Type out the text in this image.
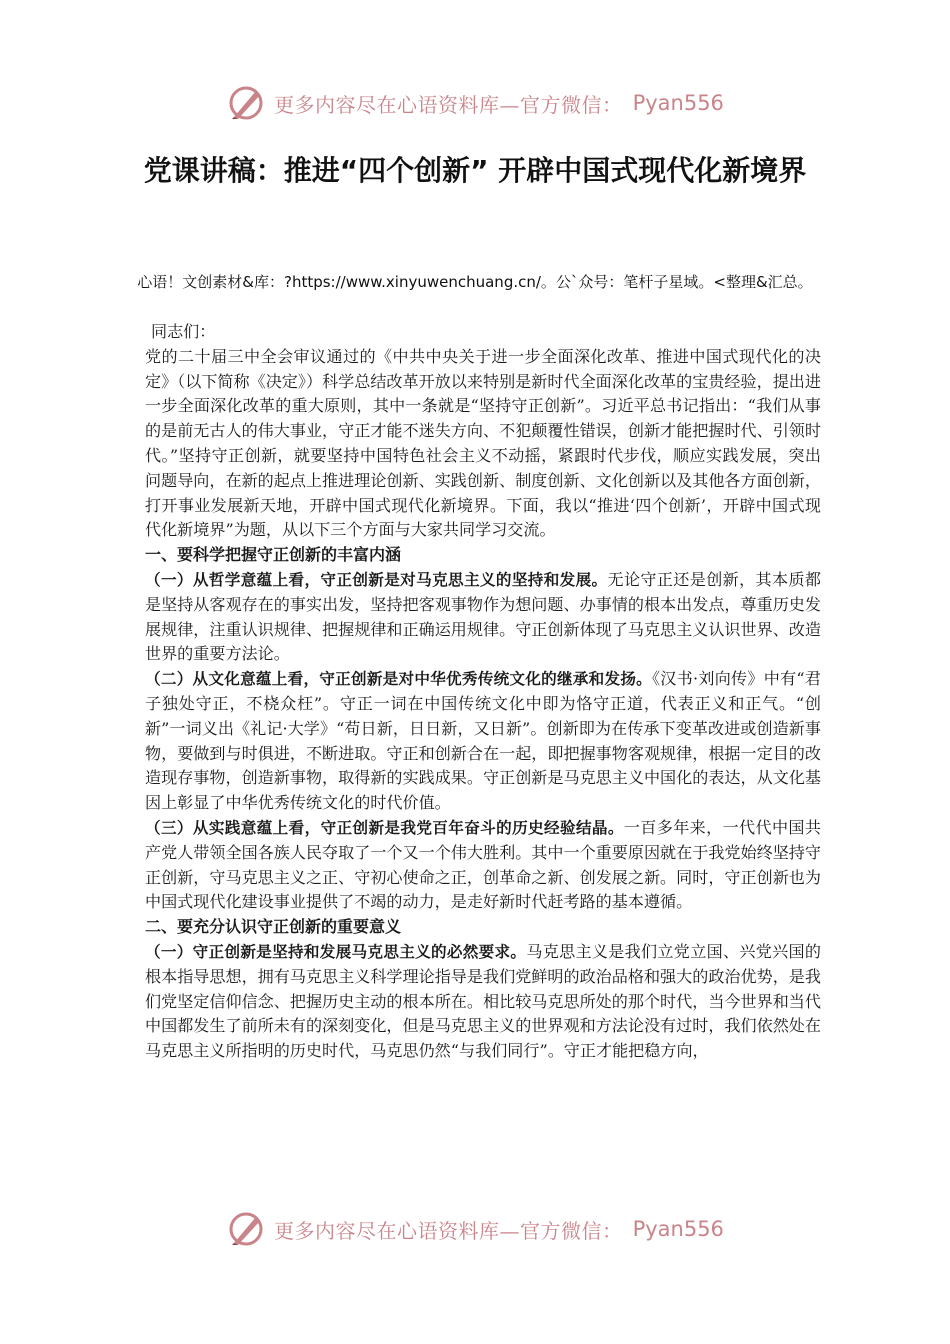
更多内容尽在心语资料库—官方微信： Pyan556
党课讲稿：推进“四个创新” 开辟中国式现代化新境界
心语！文创素材&库：?https://www.xinyuwenchuang.cn/。公`众号：笔杆子星域。<整理&汇总。

同志们：

党的二十届三中全会审议通过的《中共中央关于进一步全面深化改革、推进中国式现代化的决定》（以下简称《决定》）科学总结改革开放以来特别是新时代全面深化改革的宝贵经验，提出进一步全面深化改革的重大原则，其中一条就是“坚持守正创新”。习近平总书记指出：“我们从事的是前无古人的伟大事业，守正才能不迷失方向、不犯颠覆性错误，创新才能把握时代、引领时代。”坚持守正创新，就要坚持中国特色社会主义不动摇，紧跟时代步伐，顺应实践发展，突出问题导向，在新的起点上推进理论创新、实践创新、制度创新、文化创新以及其他各方面创新，打开事业发展新天地，开辟中国式现代化新境界。下面，我以“推进‘四个创新’，开辟中国式现代化新境界”为题，从以下三个方面与大家共同学习交流。

一、要科学把握守正创新的丰富内涵

（一）从哲学意蕴上看，守正创新是对马克思主义的坚持和发展。无论守正还是创新，其本质都是坚持从客观存在的事实出发，坚持把客观事物作为想问题、办事情的根本出发点，尊重历史发展规律，注重认识规律、把握规律和正确运用规律。守正创新体现了马克思主义认识世界、改造世界的重要方法论。

（二）从文化意蕴上看，守正创新是对中华优秀传统文化的继承和发扬。《汉书·刘向传》中有“君子独处守正，不桡众枉”。守正一词在中国传统文化中即为恪守正道，代表正义和正气。“创新”一词义出《礼记·大学》“苟日新，日日新，又日新”。创新即为在传承下变革改进或创造新事物，要做到与时俱进，不断进取。守正和创新合在一起，即把握事物客观规律，根据一定目的改造现存事物，创造新事物，取得新的实践成果。守正创新是马克思主义中国化的表达，从文化基因上彰显了中华优秀传统文化的时代价值。

（三）从实践意蕴上看，守正创新是我党百年奋斗的历史经验结晶。一百多年来，一代代中国共产党人带领全国各族人民夺取了一个又一个伟大胜利。其中一个重要原因就在于我党始终坚持守正创新，守马克思主义之正、守初心使命之正，创革命之新、创发展之新。同时，守正创新也为中国式现代化建设事业提供了不竭的动力，是走好新时代赶考路的基本遵循。

二、要充分认识守正创新的重要意义

（一）守正创新是坚持和发展马克思主义的必然要求。马克思主义是我们立党立国、兴党兴国的根本指导思想，拥有马克思主义科学理论指导是我们党鲜明的政治品格和强大的政治优势，是我们党坚定信仰信念、把握历史主动的根本所在。相比较马克思所处的那个时代，当今世界和当代中国都发生了前所未有的深刻变化，但是马克思主义的世界观和方法论没有过时，我们依然处在马克思主义所指明的历史时代，马克思仍然“与我们同行”。守正才能把稳方向，

更多内容尽在心语资料库—官方微信： Pyan556
